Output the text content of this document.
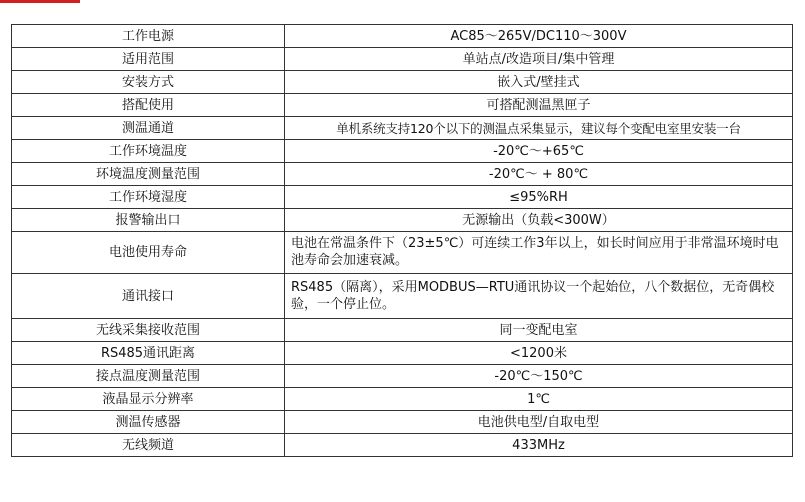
工作电源	AC85～265V/DC110～300V
适用范围	单站点/改造项目/集中管理
安装方式	嵌入式/壁挂式
搭配使用	可搭配测温黑匣子
测温通道	单机系统支持120个以下的测温点采集显示，建议每个变配电室里安装一台
工作环境温度	-20℃～+65℃
环境温度测量范围	-20℃～ + 80℃
工作环境湿度	≤95%RH
报警输出口	无源输出（负载<300W）
电池使用寿命	电池在常温条件下（23±5℃）可连续工作3年以上，如长时间应用于非常温环境时电池寿命会加速衰减。
通讯接口	RS485（隔离），采用MODBUS—RTU通讯协议一个起始位，八个数据位，无奇偶校验，一个停止位。
无线采集接收范围	同一变配电室
RS485通讯距离	<1200米
接点温度测量范围	-20℃～150℃
液晶显示分辨率	1℃
测温传感器	电池供电型/自取电型
无线频道	433MHz
